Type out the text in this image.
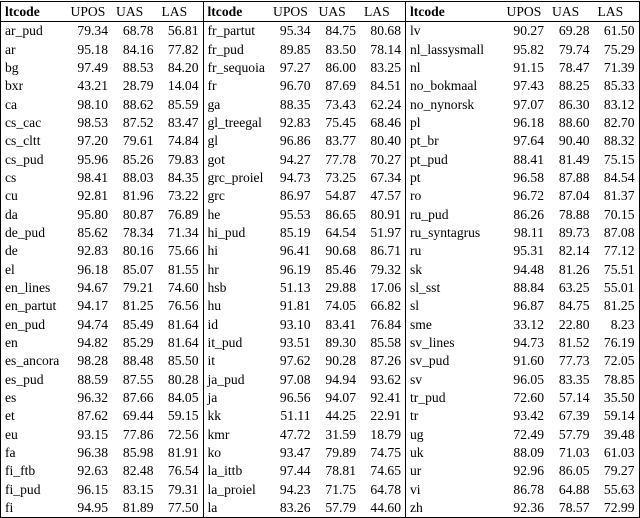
ltcode	UPOS	UAS	LAS	ltcode	UPOS	UAS	LAS	ltcode	UPOS	UAS	LAS
ar_pud	79.34	68.78	56.81	fr_partut	95.34	84.75	80.68	lv	90.27	69.28	61.50
ar	95.18	84.16	77.82	fr_pud	89.85	83.50	78.14	nl_lassysmall	95.82	79.74	75.29
bg	97.49	88.53	84.20	fr_sequoia	97.27	86.00	83.25	nl	91.15	78.47	71.39
bxr	43.21	28.79	14.04	fr	96.70	87.69	84.51	no_bokmaal	97.43	88.25	85.33
ca	98.10	88.62	85.59	ga	88.35	73.43	62.24	no_nynorsk	97.07	86.30	83.12
cs_cac	98.53	87.52	83.47	gl_treegal	92.83	75.45	68.46	pl	96.18	88.60	82.70
cs_cltt	97.20	79.61	74.84	gl	96.86	83.77	80.40	pt_br	97.64	90.40	88.32
cs_pud	95.96	85.26	79.83	got	94.27	77.78	70.27	pt_pud	88.41	81.49	75.15
cs	98.41	88.03	84.35	grc_proiel	94.73	73.25	67.34	pt	96.58	87.88	84.54
cu	92.81	81.96	73.22	grc	86.97	54.87	47.57	ro	96.72	87.04	81.37
da	95.80	80.87	76.89	he	95.53	86.65	80.91	ru_pud	86.26	78.88	70.15
de_pud	85.62	78.34	71.34	hi_pud	85.19	64.54	51.97	ru_syntagrus	98.11	89.73	87.08
de	92.83	80.16	75.66	hi	96.41	90.68	86.71	ru	95.31	82.14	77.12
el	96.18	85.07	81.55	hr	96.19	85.46	79.32	sk	94.48	81.26	75.51
en_lines	94.67	79.21	74.60	hsb	51.13	29.88	17.06	sl_sst	88.84	63.25	55.01
en_partut	94.17	81.25	76.56	hu	91.81	74.05	66.82	sl	96.87	84.75	81.25
en_pud	94.74	85.49	81.64	id	93.10	83.41	76.84	sme	33.12	22.80	8.23
en	94.82	85.29	81.64	it_pud	93.51	89.30	85.58	sv_lines	94.73	81.52	76.19
es_ancora	98.28	88.48	85.50	it	97.62	90.28	87.26	sv_pud	91.60	77.73	72.05
es_pud	88.59	87.55	80.28	ja_pud	97.08	94.94	93.62	sv	96.05	83.35	78.85
es	96.32	87.66	84.05	ja	96.56	94.07	92.41	tr_pud	72.60	57.14	35.50
et	87.62	69.44	59.15	kk	51.11	44.25	22.91	tr	93.42	67.39	59.14
eu	93.15	77.86	72.56	kmr	47.72	31.59	18.79	ug	72.49	57.79	39.48
fa	96.38	85.98	81.91	ko	93.47	79.89	74.75	uk	88.09	71.03	61.03
fi_ftb	92.63	82.48	76.54	la_ittb	97.44	78.81	74.65	ur	92.96	86.05	79.27
fi_pud	96.15	83.15	79.31	la_proiel	94.23	71.75	64.78	vi	86.78	64.88	55.63
fi	94.95	81.89	77.50	la	83.26	57.79	44.60	zh	92.36	78.57	72.99
